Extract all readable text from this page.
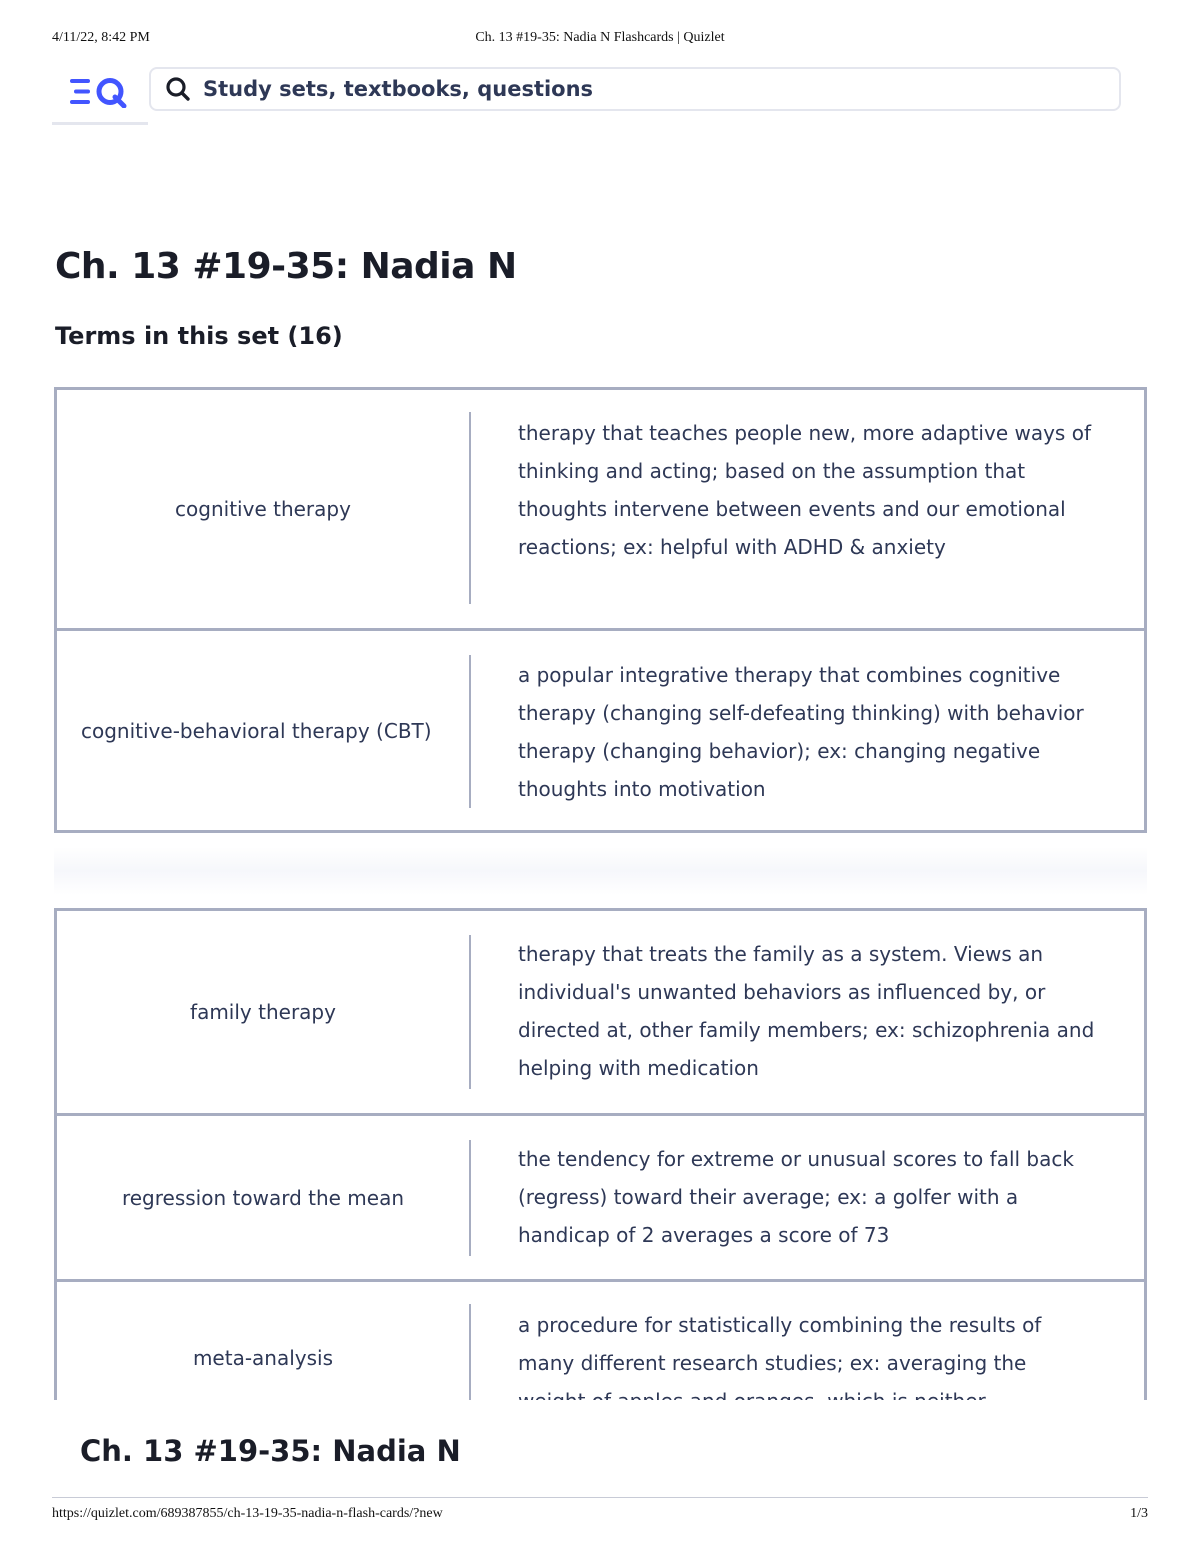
4/11/22, 8:42 PM	Ch. 13 #19-35: Nadia N Flashcards | Quizlet
Study sets, textbooks, questions
Ch. 13 #19-35: Nadia N
Terms in this set (16)
cognitive therapy
therapy that teaches people new, more adaptive ways of thinking and acting; based on the assumption that thoughts intervene between events and our emotional reactions; ex: helpful with ADHD & anxiety
cognitive-behavioral therapy (CBT)
a popular integrative therapy that combines cognitive therapy (changing self-defeating thinking) with behavior therapy (changing behavior); ex: changing negative thoughts into motivation
family therapy
therapy that treats the family as a system. Views an individual's unwanted behaviors as influenced by, or directed at, other family members; ex: schizophrenia and helping with medication
regression toward the mean
the tendency for extreme or unusual scores to fall back (regress) toward their average; ex: a golfer with a handicap of 2 averages a score of 73
meta-analysis
a procedure for statistically combining the results of many different research studies; ex: averaging the
Ch. 13 #19-35: Nadia N
https://quizlet.com/689387855/ch-13-19-35-nadia-n-flash-cards/?new	1/3
